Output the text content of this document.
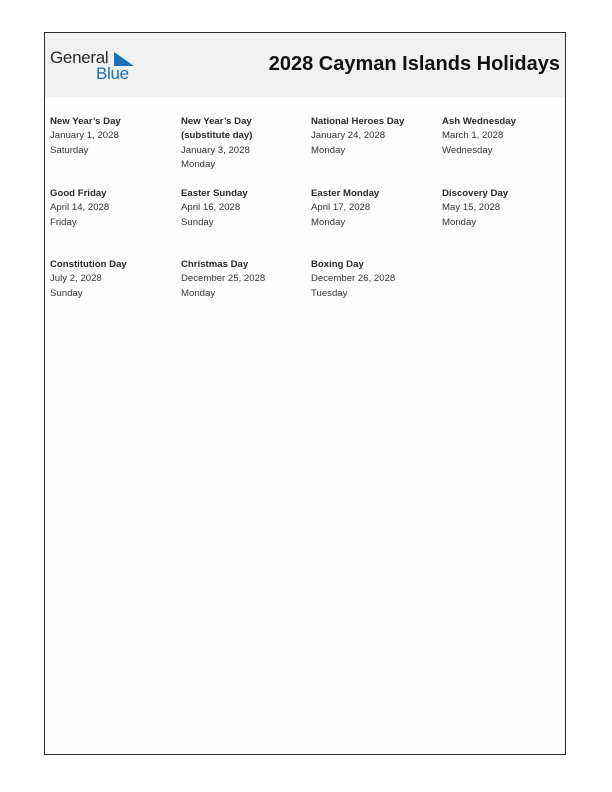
General
Blue	2028 Cayman Islands Holidays
New Year’s Day
January 1, 2028
Saturday
New Year’s Day (substitute day)
January 3, 2028
Monday
National Heroes Day
January 24, 2028
Monday
Ash Wednesday
March 1, 2028
Wednesday
Good Friday
April 14, 2028
Friday
Easter Sunday
April 16, 2028
Sunday
Easter Monday
April 17, 2028
Monday
Discovery Day
May 15, 2028
Monday
Constitution Day
July 2, 2028
Sunday
Christmas Day
December 25, 2028
Monday
Boxing Day
December 26, 2028
Tuesday
